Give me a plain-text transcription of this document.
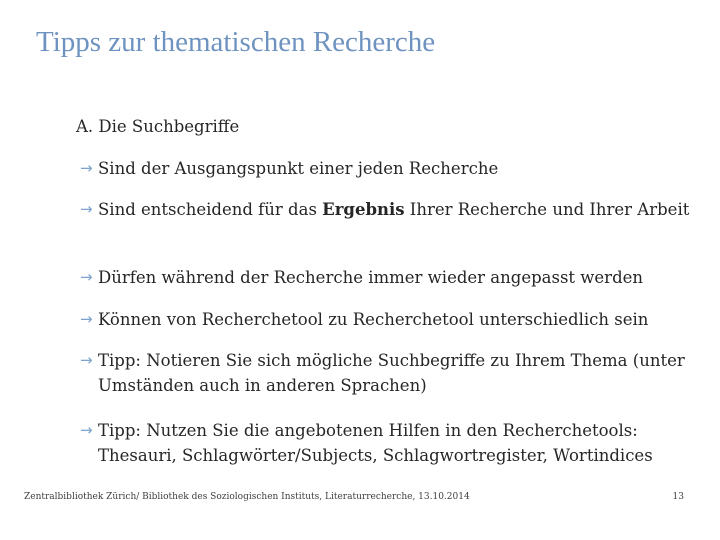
Tipps zur thematischen Recherche
A. Die Suchbegriffe
→ Sind der Ausgangspunkt einer jeden Recherche
→ Sind entscheidend für das Ergebnis Ihrer Recherche und Ihrer Arbeit
→ Dürfen während der Recherche immer wieder angepasst werden
→ Können von Recherchetool zu Recherchetool unterschiedlich sein
→ Tipp: Notieren Sie sich mögliche Suchbegriffe zu Ihrem Thema (unter Umständen auch in anderen Sprachen)
→ Tipp: Nutzen Sie die angebotenen Hilfen in den Recherchetools: Thesauri, Schlagwörter/Subjects, Schlagwortregister, Wortindices
Zentralbibliothek Zürich/ Bibliothek des Soziologischen Instituts, Literaturrecherche, 13.10.2014	13
